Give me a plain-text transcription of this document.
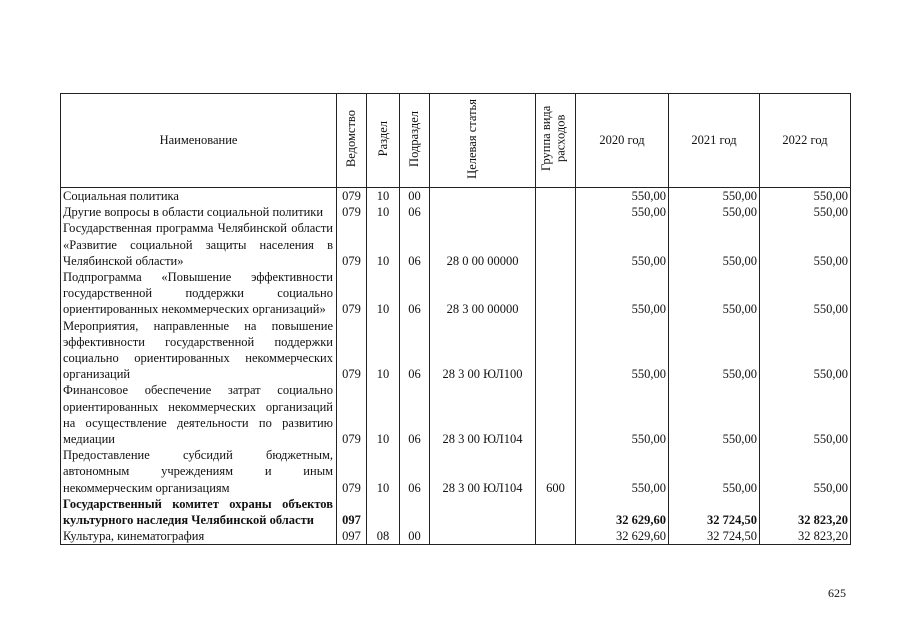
Наименование	Ведомство	Раздел	Подраздел	Целевая статья	Группа вида расходов	2020 год	2021 год	2022 год
Социальная политика	079	10	00			550,00	550,00	550,00
Другие вопросы в области социальной политики	079	10	06			550,00	550,00	550,00
Государственная программа Челябинской области «Развитие социальной защиты населения в Челябинской области»	079	10	06	28 0 00 00000		550,00	550,00	550,00
Подпрограмма «Повышение эффективности государственной поддержки социально ориентированных некоммерческих организаций»	079	10	06	28 3 00 00000		550,00	550,00	550,00
Мероприятия, направленные на повышение эффективности государственной поддержки социально ориентированных некоммерческих организаций	079	10	06	28 3 00 ЮЛ100		550,00	550,00	550,00
Финансовое обеспечение затрат социально ориентированных некоммерческих организаций на осуществление деятельности по развитию медиации	079	10	06	28 3 00 ЮЛ104		550,00	550,00	550,00
Предоставление субсидий бюджетным, автономным учреждениям и иным некоммерческим организациям	079	10	06	28 3 00 ЮЛ104	600	550,00	550,00	550,00
Государственный комитет охраны объектов культурного наследия Челябинской области	097					32 629,60	32 724,50	32 823,20
Культура, кинематография	097	08	00			32 629,60	32 724,50	32 823,20
625
